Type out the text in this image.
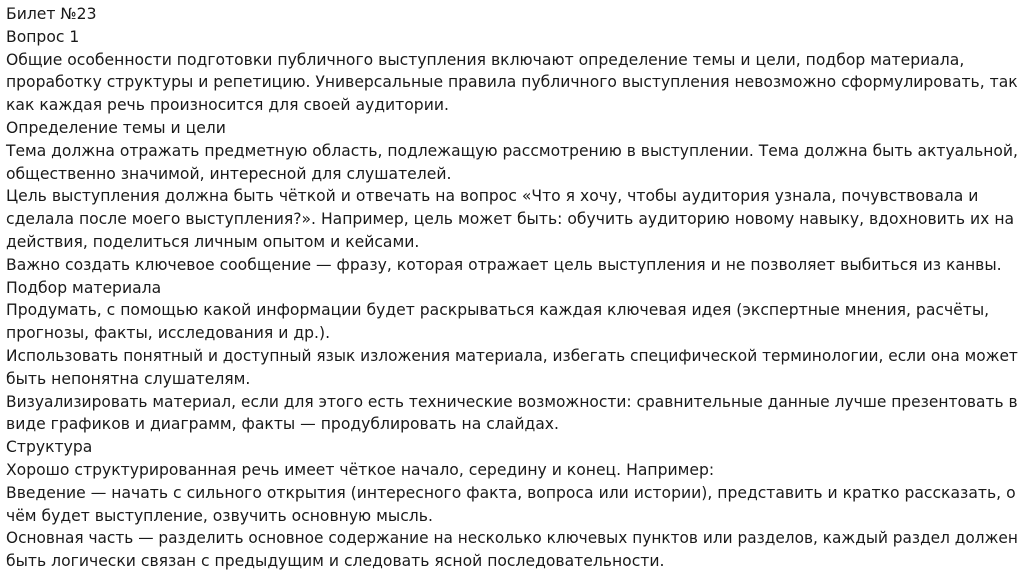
Билет №23
Вопрос 1
Общие особенности подготовки публичного выступления включают определение темы и цели, подбор материала,
проработку структуры и репетицию. Универсальные правила публичного выступления невозможно сформулировать, так
как каждая речь произносится для своей аудитории.
Определение темы и цели
Тема должна отражать предметную область, подлежащую рассмотрению в выступлении. Тема должна быть актуальной,
общественно значимой, интересной для слушателей.
Цель выступления должна быть чёткой и отвечать на вопрос «Что я хочу, чтобы аудитория узнала, почувствовала и
сделала после моего выступления?». Например, цель может быть: обучить аудиторию новому навыку, вдохновить их на
действия, поделиться личным опытом и кейсами.
Важно создать ключевое сообщение — фразу, которая отражает цель выступления и не позволяет выбиться из канвы.
Подбор материала
Продумать, с помощью какой информации будет раскрываться каждая ключевая идея (экспертные мнения, расчёты,
прогнозы, факты, исследования и др.).
Использовать понятный и доступный язык изложения материала, избегать специфической терминологии, если она может
быть непонятна слушателям.
Визуализировать материал, если для этого есть технические возможности: сравнительные данные лучше презентовать в
виде графиков и диаграмм, факты — продублировать на слайдах.
Структура
Хорошо структурированная речь имеет чёткое начало, середину и конец. Например:
Введение — начать с сильного открытия (интересного факта, вопроса или истории), представить и кратко рассказать, о
чём будет выступление, озвучить основную мысль.
Основная часть — разделить основное содержание на несколько ключевых пунктов или разделов, каждый раздел должен
быть логически связан с предыдущим и следовать ясной последовательности.
